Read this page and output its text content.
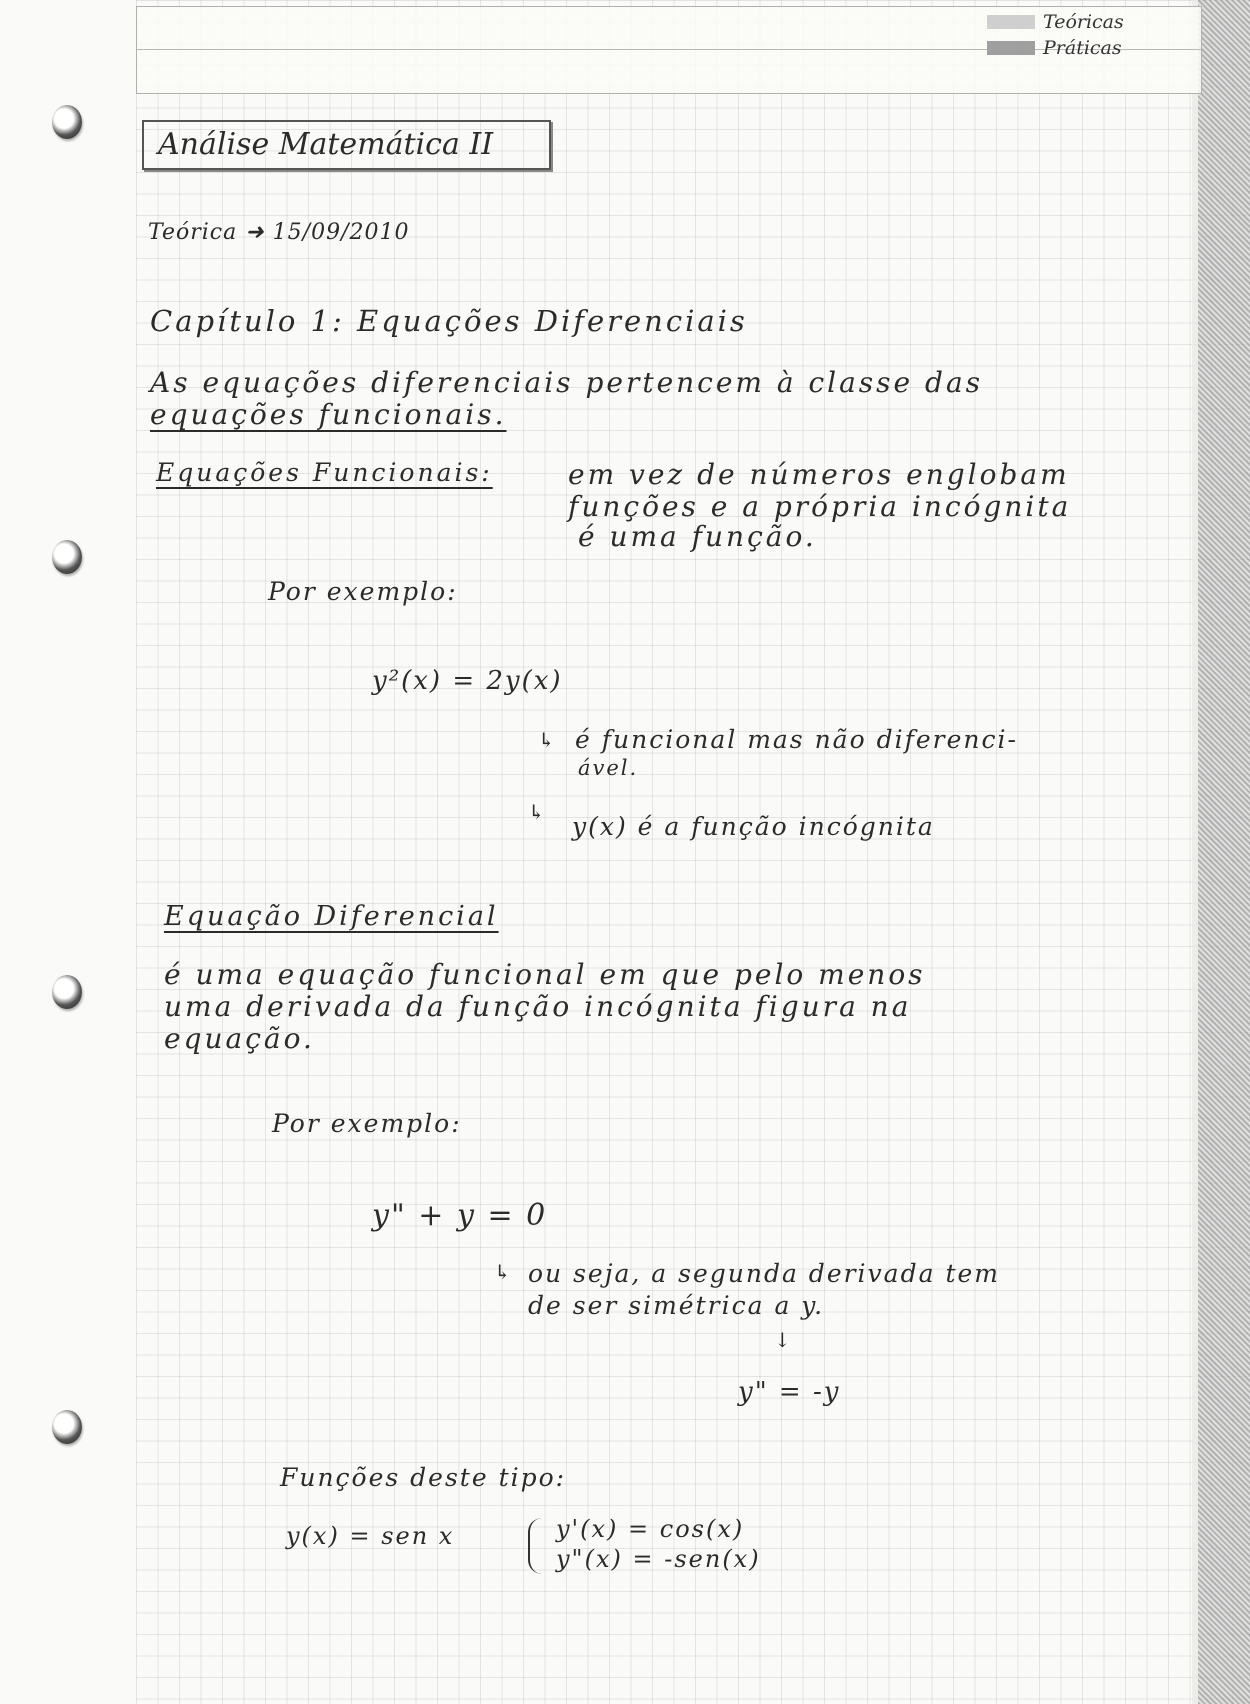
Teóricas
Práticas
Análise Matemática II
Teórica ➜ 15/09/2010
Capítulo 1: Equações Diferenciais
As equações diferenciais pertencem à classe das
equações funcionais.
Equações Funcionais:	em vez de números englobam
funções e a própria incógnita
é uma função.
Por exemplo:
y²(x) = 2y(x)
↳ é funcional mas não diferenci-
ável.
↳ y(x) é a função incógnita
Equação Diferencial
é uma equação funcional em que pelo menos
uma derivada da função incógnita figura na
equação.
Por exemplo:
y" + y = 0
↳ ou seja, a segunda derivada tem
de ser simétrica a y.
↓
y" = -y
Funções deste tipo:
y(x) = sen x	y'(x) = cos(x)
y"(x) = -sen(x)
